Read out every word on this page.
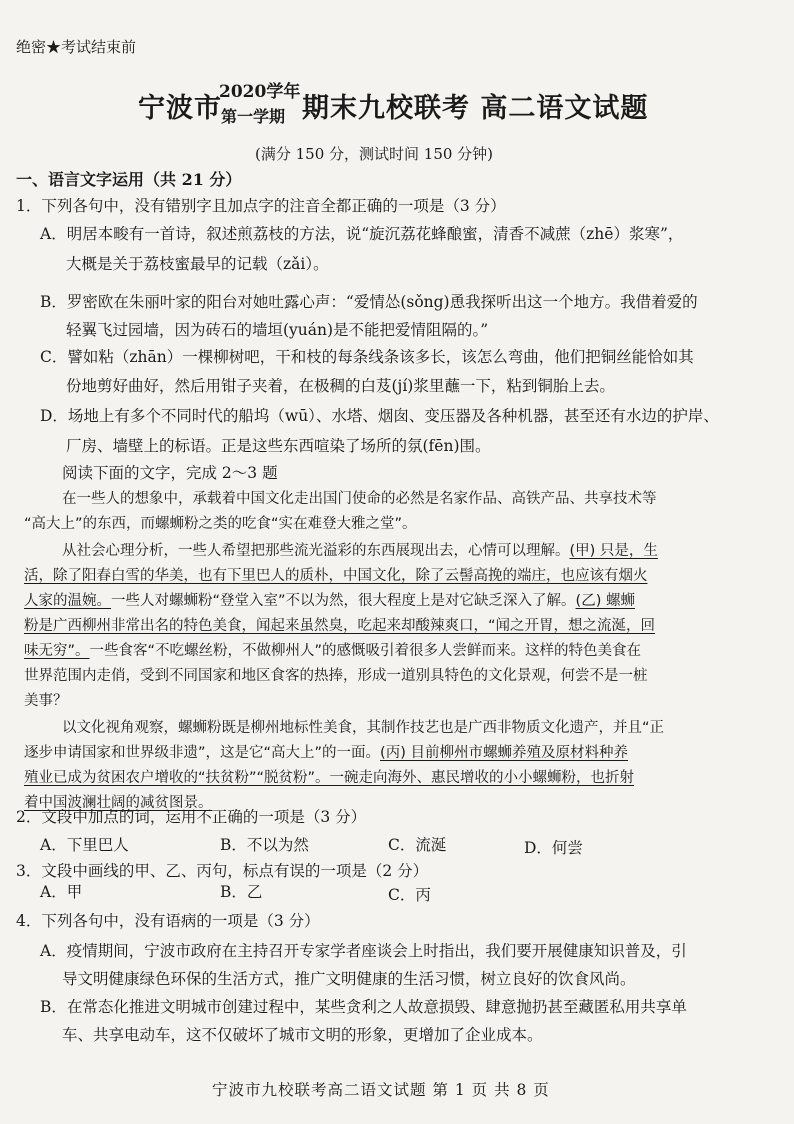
绝密★考试结束前
宁波市
2020学年
第一学期 期末九校联考 高二语文试题
(满分 150 分，测试时间 150 分钟)
一、语言文字运用（共 21 分）
1．下列各句中，没有错别字且加点字的注音全都正确的一项是（3 分）
A．明居本畯有一首诗，叙述煎荔枝的方法，说“旋沉荔花蜂酿蜜，清香不减蔗（zhē）浆寒”，
大概是关于荔枝蜜最早的记载（zǎi）。
B．罗密欧在朱丽叶家的阳台对她吐露心声：“爱情怂(sǒng)恿我探听出这一个地方。我借着爱的
轻翼飞过园墙，因为砖石的墙垣(yuán)是不能把爱情阻隔的。”
C．譬如粘（zhān）一棵柳树吧，干和枝的每条线条该多长，该怎么弯曲，他们把铜丝能恰如其
份地剪好曲好，然后用钳子夹着，在极稠的白芨(jí)浆里蘸一下，粘到铜胎上去。
D．场地上有多个不同时代的船坞（wū）、水塔、烟囱、变压器及各种机器，甚至还有水边的护岸、
厂房、墙壁上的标语。正是这些东西喧染了场所的氛(fēn)围。
阅读下面的文字，完成 2～3 题
在一些人的想象中，承载着中国文化走出国门使命的必然是名家作品、高铁产品、共享技术等
“高大上”的东西，而螺蛳粉之类的吃食“实在难登大雅之堂”。
从社会心理分析，一些人希望把那些流光溢彩的东西展现出去，心情可以理解。(甲) 只是，生
活，除了阳春白雪的华美，也有下里巴人的质朴，中国文化，除了云髻高挽的端庄，也应该有烟火
人家的温婉。一些人对螺蛳粉“登堂入室”不以为然，很大程度上是对它缺乏深入了解。(乙) 螺蛳
粉是广西柳州非常出名的特色美食，闻起来虽然臭，吃起来却酸辣爽口，“闻之开胃，想之流涎，回
味无穷”。一些食客“不吃螺丝粉，不做柳州人”的感慨吸引着很多人尝鲜而来。这样的特色美食在
世界范围内走俏，受到不同国家和地区食客的热捧，形成一道别具特色的文化景观，何尝不是一桩
美事？
以文化视角观察，螺蛳粉既是柳州地标性美食，其制作技艺也是广西非物质文化遗产，并且“正
逐步申请国家和世界级非遗”，这是它“高大上”的一面。(丙) 目前柳州市螺蛳养殖及原材料种养
殖业已成为贫困农户增收的“扶贫粉”“脱贫粉”。一碗走向海外、惠民增收的小小螺蛳粉，也折射
着中国波澜壮阔的减贫图景。
2．文段中加点的词，运用不正确的一项是（3 分）
A．下里巴人	B．不以为然	C．流涎	D．何尝
3．文段中画线的甲、乙、丙句，标点有误的一项是（2 分）
A．甲	B．乙	C．丙
4．下列各句中，没有语病的一项是（3 分）
A．疫情期间，宁波市政府在主持召开专家学者座谈会上时指出，我们要开展健康知识普及，引
导文明健康绿色环保的生活方式，推广文明健康的生活习惯，树立良好的饮食风尚。
B．在常态化推进文明城市创建过程中，某些贪利之人故意损毁、肆意抛扔甚至藏匿私用共享单
车、共享电动车，这不仅破坏了城市文明的形象，更增加了企业成本。
宁波市九校联考高二语文试题 第 1 页 共 8 页
